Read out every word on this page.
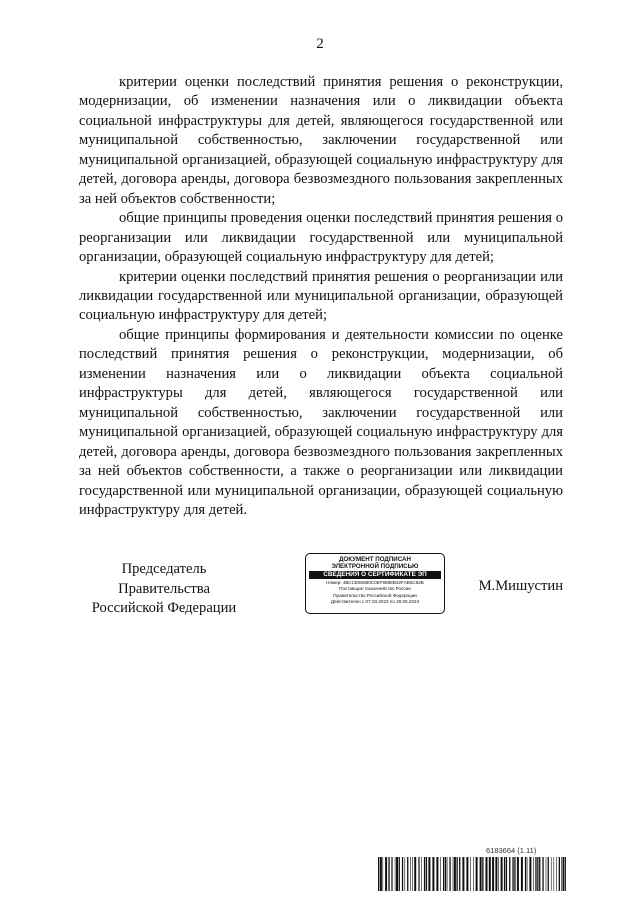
2

критерии оценки последствий принятия решения о реконструкции, модернизации, об изменении назначения или о ликвидации объекта социальной инфраструктуры для детей, являющегося государственной или муниципальной собственностью, заключении государственной или муниципальной организацией, образующей социальную инфраструктуру для детей, договора аренды, договора безвозмездного пользования закрепленных за ней объектов собственности;

общие принципы проведения оценки последствий принятия решения о реорганизации или ликвидации государственной или муниципальной организации, образующей социальную инфраструктуру для детей;

критерии оценки последствий принятия решения о реорганизации или ликвидации государственной или муниципальной организации, образующей социальную инфраструктуру для детей;

общие принципы формирования и деятельности комиссии по оценке последствий принятия решения о реконструкции, модернизации, об изменении назначения или о ликвидации объекта социальной инфраструктуры для детей, являющегося государственной или муниципальной собственностью, заключении государственной или муниципальной организацией, образующей социальную инфраструктуру для детей, договора аренды, договора безвозмездного пользования закрепленных за ней объектов собственности, а также о реорганизации или ликвидации государственной или муниципальной организации, образующей социальную инфраструктуру для детей.

Председатель Правительства
Российской Федерации
ДОКУМЕНТ ПОДПИСАН
ЭЛЕКТРОННОЙ ПОДПИСЬЮ
СВЕДЕНИЯ О СЕРТИФИКАТЕ ЭП
Номер: 4ВССЕ56880С0ЕF8888В42FАВ5С82В
Поставщик: Казначейство России
Правительство Российской Федерации
Действителен с 07.03.2023 по 30.05.2024
М.Мишустин
6183664 (1.11)
